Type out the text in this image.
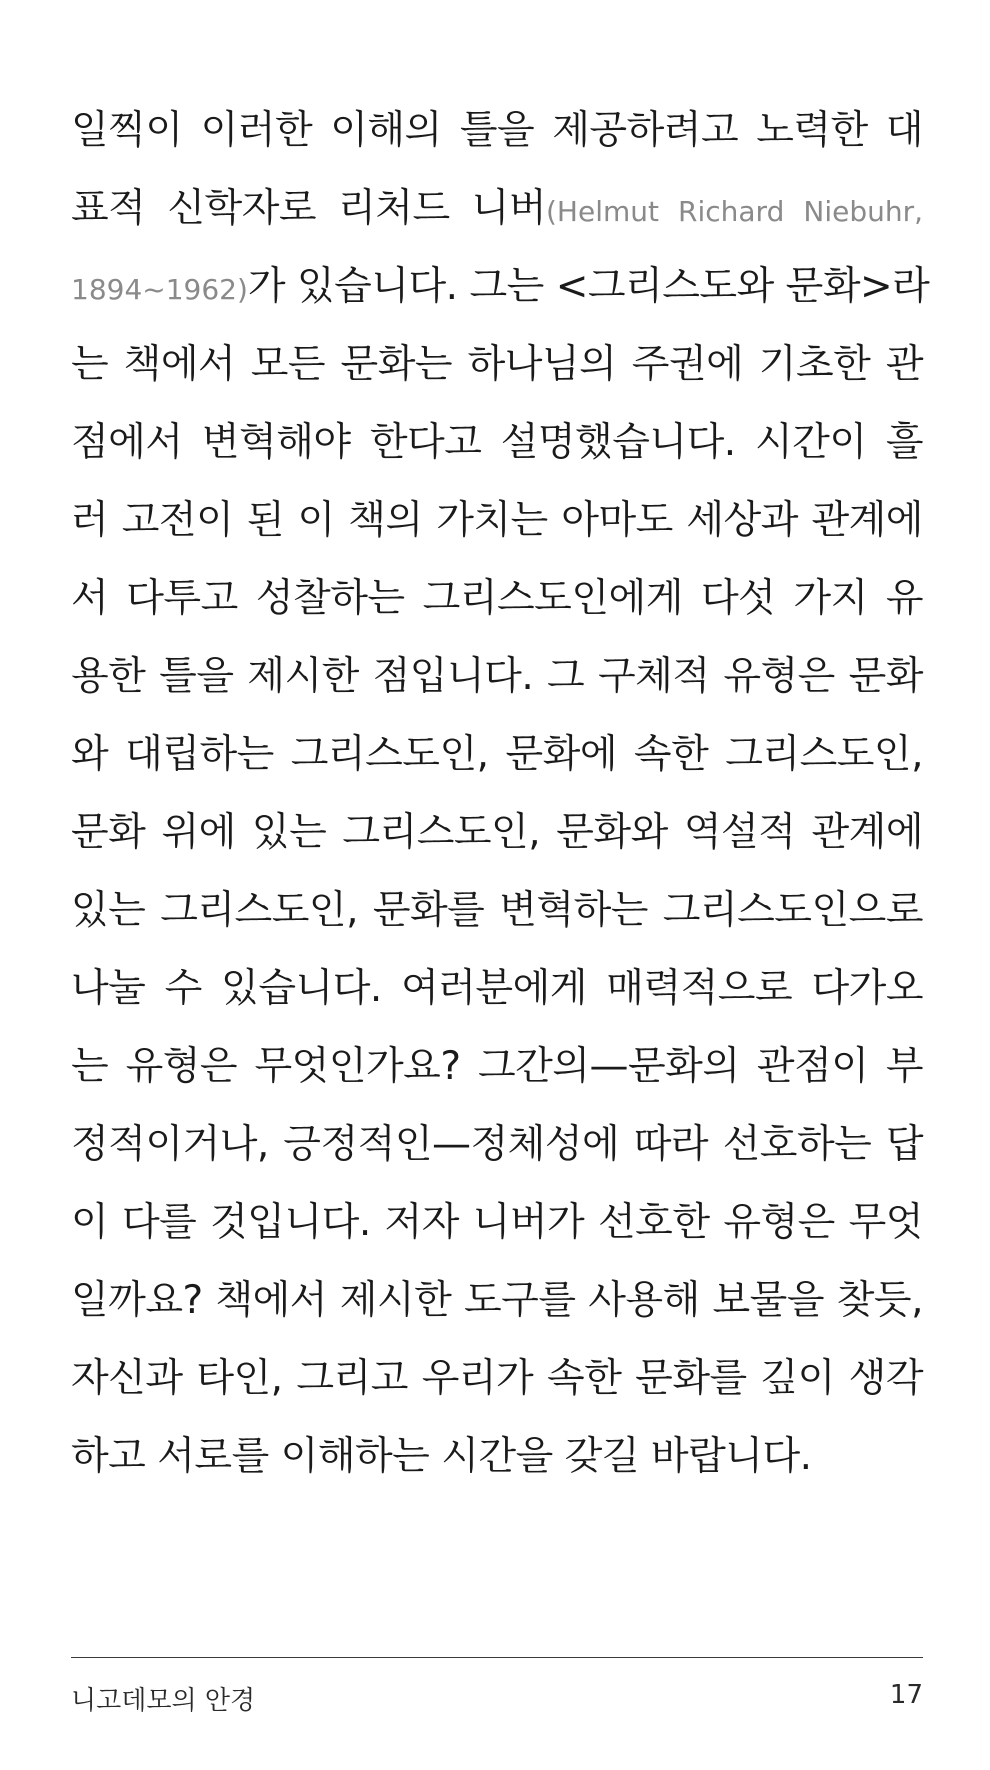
일찍이 이러한 이해의 틀을 제공하려고 노력한 대
표적 신학자로 리처드 니버(Helmut Richard Niebuhr,
1894~1962)가 있습니다. 그는 <그리스도와 문화>라
는 책에서 모든 문화는 하나님의 주권에 기초한 관
점에서 변혁해야 한다고 설명했습니다. 시간이 흘
러 고전이 된 이 책의 가치는 아마도 세상과 관계에
서 다투고 성찰하는 그리스도인에게 다섯 가지 유
용한 틀을 제시한 점입니다. 그 구체적 유형은 문화
와 대립하는 그리스도인, 문화에 속한 그리스도인,
문화 위에 있는 그리스도인, 문화와 역설적 관계에
있는 그리스도인, 문화를 변혁하는 그리스도인으로
나눌 수 있습니다. 여러분에게 매력적으로 다가오
는 유형은 무엇인가요? 그간의—문화의 관점이 부
정적이거나, 긍정적인—정체성에 따라 선호하는 답
이 다를 것입니다. 저자 니버가 선호한 유형은 무엇
일까요? 책에서 제시한 도구를 사용해 보물을 찾듯,
자신과 타인, 그리고 우리가 속한 문화를 깊이 생각
하고 서로를 이해하는 시간을 갖길 바랍니다.
니고데모의 안경	17
